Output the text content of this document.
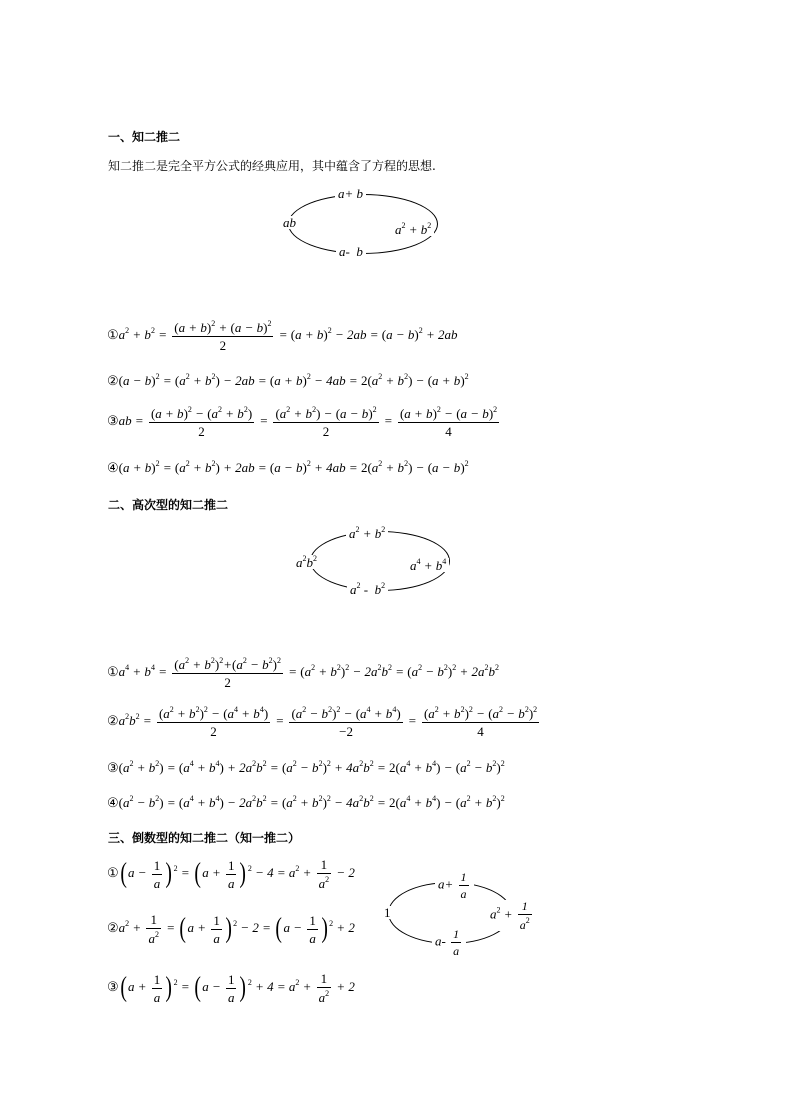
一、知二推二
知二推二是完全平方公式的经典应用，其中蕴含了方程的思想.
a+ b
ab	$a^2 + b^2$
a-  b
$①a^2 + b^2 = \frac{(a + b)^2 + (a - b)^2}{2} = (a + b)^2 - 2ab = (a - b)^2 + 2ab$
②(a − $b)^2 = (a^2 + b^2) - 2ab = (a + b)^2 - 4ab = 2(a^2 + b^2) - (a + b)^2$
③ab = $\frac{(a + b)^2 - (a^2 + b^2)}{2} = \frac{(a^2 + b^2) - (a - b)^2}{2} = \frac{(a + b)^2 - (a - b)^2}{4}$
④(a + $b)^2 = (a^2 + b^2) + 2ab = (a - b)^2 + 4ab = 2(a^2 + b^2) - (a - b)^2$
二、高次型的知二推二
$a^2 + b^2$
$a^2b^2$	$a^4 + b^4$
$a^2 - b^2$
$①a^4 + b^4 = \frac{(a^2 + b^2)^2+(a^2 - b^2)^2}{2} = (a^2 + b^2)^2 - 2a^2b^2 = (a^2 - b^2)^2 + 2a^2b^2$
$②a^2b^2 = \frac{(a^2 + b^2)^2 - (a^4 + b^4)}{2} = \frac{(a^2 - b^2)^2 - (a^4 + b^4)}{-2} = \frac{(a^2 + b^2)^2 - (a^2 - b^2)^2}{4}$
$③(a^2 + b^2) = (a^4 + b^4) + 2a^2b^2 = (a^2 - b^2)^2 + 4a^2b^2 = 2(a^4 + b^4) - (a^2 - b^2)^2$
$④(a^2 - b^2) = (a^4 + b^4) - 2a^2b^2 = (a^2 + b^2)^2 - 4a^2b^2 = 2(a^4 + b^4) - (a^2 + b^2)^2$
三、倒数型的知二推二（知一推二）
①(a − $\frac{1}{a} )^2 = (a + \frac{1}{a} )^2 - 4 = a^2 + \frac{1}{a^2} - 2$
$②a^2 + \frac{1}{a^2} = (a + \frac{1}{a} )^2 - 2 = (a - \frac{1}{a} )^2 + 2$
③(a + $\frac{1}{a} )^2 = (a - \frac{1}{a} )^2 + 4 = a^2 + \frac{1}{a^2} + 2$
$a+ \frac{1}{a}$
1	$a^2 + \frac{1}{a^2}$
$a- \frac{1}{a}$
